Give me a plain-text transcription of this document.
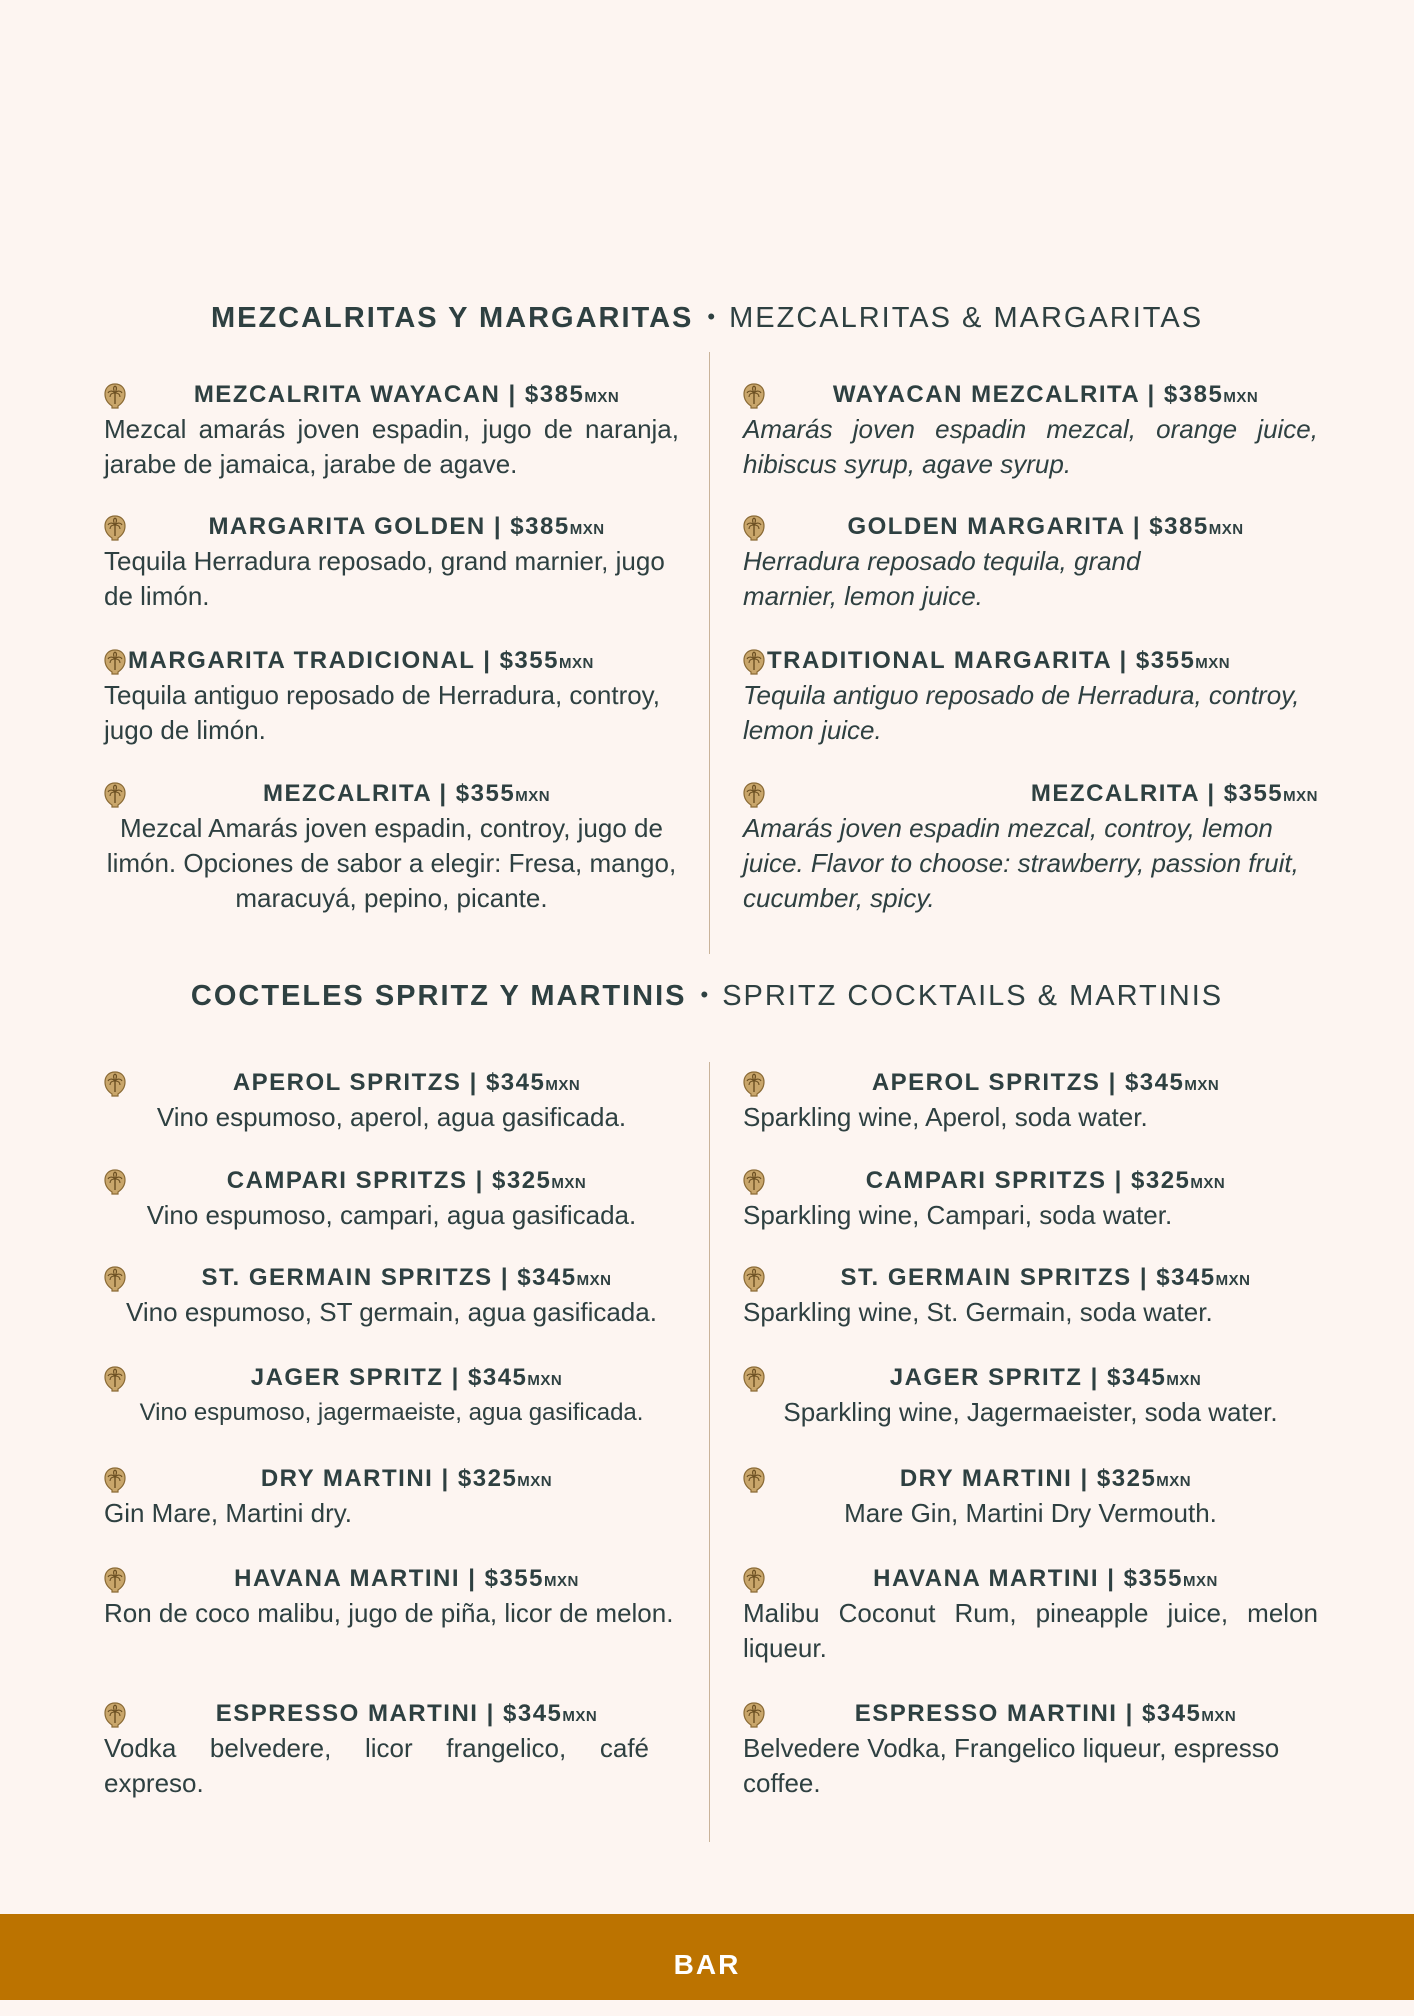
MEZCALRITAS Y MARGARITAS • MEZCALRITAS & MARGARITAS
MEZCALRITA WAYACAN | $385MXN
Mezcal amarás joven espadin, jugo de naranja, jarabe de jamaica, jarabe de agave.
MARGARITA GOLDEN | $385MXN
Tequila Herradura reposado, grand marnier, jugo de limón.
MARGARITA TRADICIONAL | $355MXN
Tequila antiguo reposado de Herradura, controy, jugo de limón.
MEZCALRITA | $355MXN
Mezcal Amarás joven espadin, controy, jugo de limón. Opciones de sabor a elegir: Fresa, mango, maracuyá, pepino, picante.
WAYACAN MEZCALRITA | $385MXN
Amarás joven espadin mezcal, orange juice, hibiscus syrup, agave syrup.
GOLDEN MARGARITA | $385MXN
Herradura reposado tequila, grand marnier, lemon juice.
TRADITIONAL MARGARITA | $355MXN
Tequila antiguo reposado de Herradura, controy, lemon juice.
MEZCALRITA | $355MXN
Amarás joven espadin mezcal, controy, lemon juice. Flavor to choose: strawberry, passion fruit, cucumber, spicy.
COCTELES SPRITZ Y MARTINIS • SPRITZ COCKTAILS & MARTINIS
APEROL SPRITZS | $345MXN
Vino espumoso, aperol, agua gasificada.
CAMPARI SPRITZS | $325MXN
Vino espumoso, campari, agua gasificada.
ST. GERMAIN SPRITZS | $345MXN
Vino espumoso, ST germain, agua gasificada.
JAGER SPRITZ | $345MXN
Vino espumoso, jagermaeiste, agua gasificada.
DRY MARTINI | $325MXN
Gin Mare, Martini dry.
HAVANA MARTINI | $355MXN
Ron de coco malibu, jugo de piña, licor de melon.
ESPRESSO MARTINI | $345MXN
Vodka belvedere, licor frangelico, café expreso.
APEROL SPRITZS | $345MXN
Sparkling wine, Aperol, soda water.
CAMPARI SPRITZS | $325MXN
Sparkling wine, Campari, soda water.
ST. GERMAIN SPRITZS | $345MXN
Sparkling wine, St. Germain, soda water.
JAGER SPRITZ | $345MXN
Sparkling wine, Jagermaeister, soda water.
DRY MARTINI | $325MXN
Mare Gin, Martini Dry Vermouth.
HAVANA MARTINI | $355MXN
Malibu Coconut Rum, pineapple juice, melon liqueur.
ESPRESSO MARTINI | $345MXN
Belvedere Vodka, Frangelico liqueur, espresso coffee.
BAR
